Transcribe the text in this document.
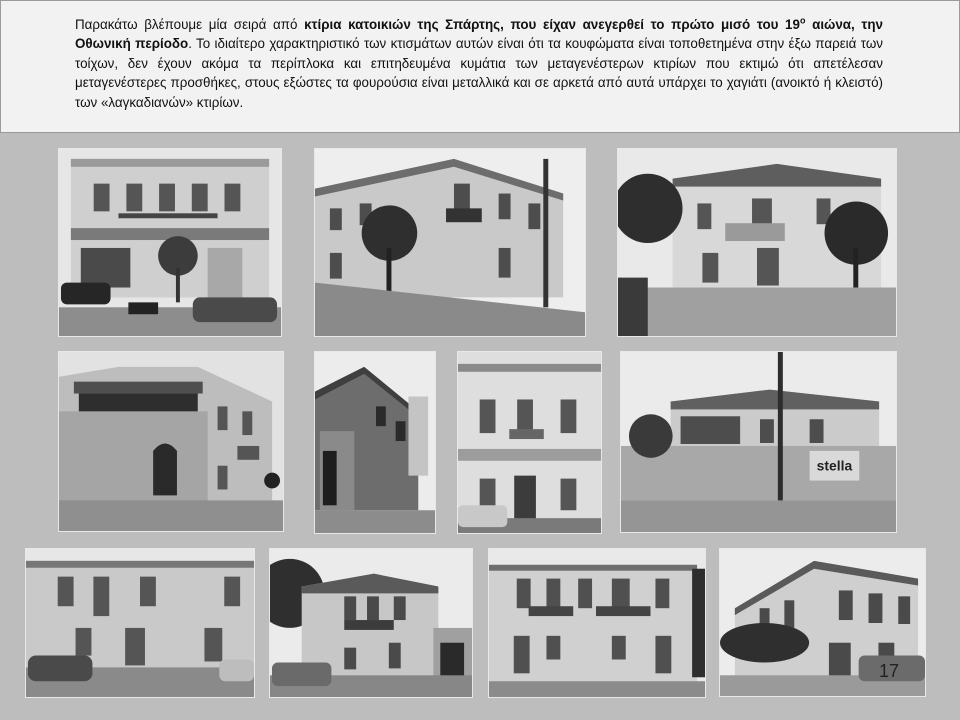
Παρακάτω βλέπουμε μία σειρά από κτίρια κατοικιών της Σπάρτης, που είχαν ανεγερθεί το πρώτο μισό του $19^o$ αιώνα, την Οθωνική περίοδο. Το ιδιαίτερο χαρακτηριστικό των κτισμάτων αυτών είναι ότι τα κουφώματα είναι τοποθετημένα στην έξω παρειά των τοίχων, δεν έχουν ακόμα τα περίπλοκα και επιτηδευμένα κυμάτια των μεταγενέστερων κτιρίων που εκτιμώ ότι απετέλεσαν μεταγενέστερες προσθήκες, στους εξώστες τα φουρούσια είναι μεταλλικά και σε αρκετά από αυτά υπάρχει το χαγιάτι (ανοικτό ή κλειστό) των «λαγκαδιανών» κτιρίων.

stella
17
